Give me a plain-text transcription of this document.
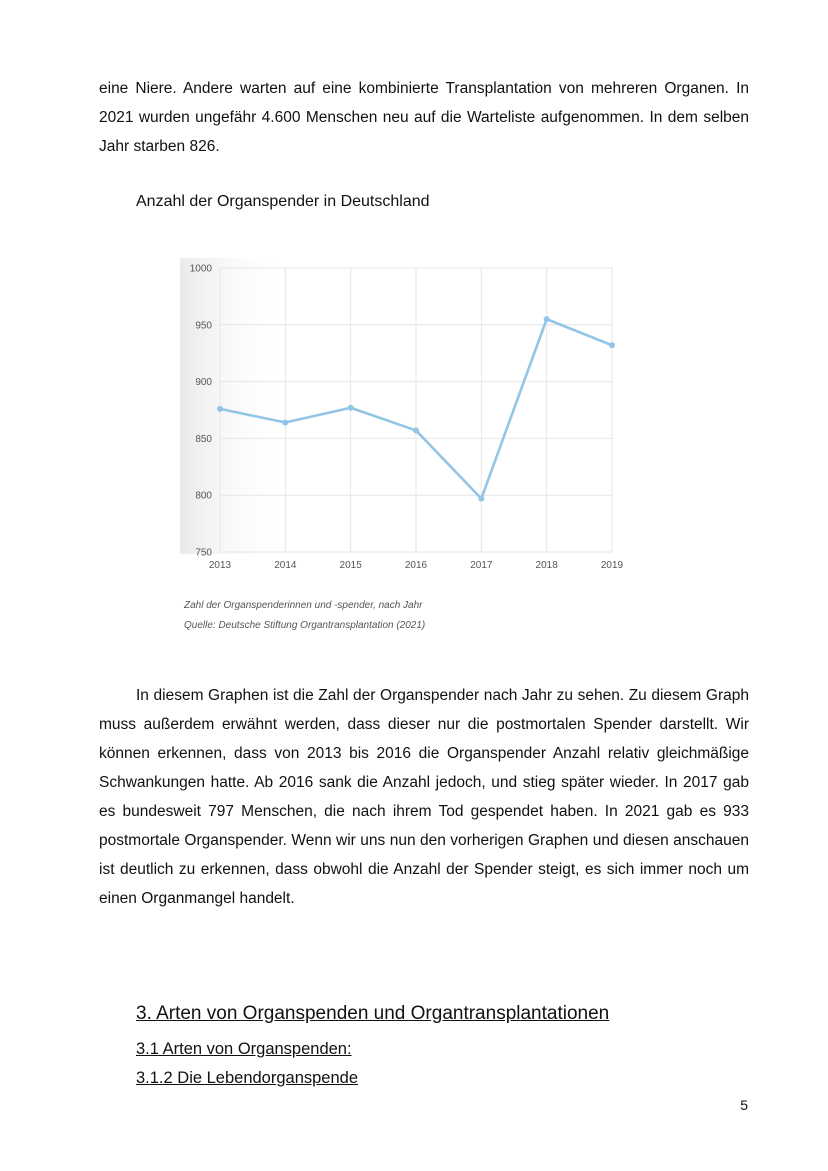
eine Niere. Andere warten auf eine kombinierte Transplantation von mehreren Organen. In 2021 wurden ungefähr 4.600 Menschen neu auf die Warteliste aufgenommen. In dem selben Jahr starben 826.

Anzahl der Organspender in Deutschland
750
800
850
900
950
1000
2013	2014	2015	2016	2017	2018	2019

Zahl der Organspenderinnen und -spender, nach Jahr

Quelle: Deutsche Stiftung Organtransplantation (2021)

In diesem Graphen ist die Zahl der Organspender nach Jahr zu sehen. Zu diesem Graph muss außerdem erwähnt werden, dass dieser nur die postmortalen Spender darstellt. Wir können erkennen, dass von 2013 bis 2016 die Organspender Anzahl relativ gleichmäßige Schwankungen hatte. Ab 2016 sank die Anzahl jedoch, und stieg später wieder. In 2017 gab es bundesweit 797 Menschen, die nach ihrem Tod gespendet haben. In 2021 gab es 933 postmortale Organspender. Wenn wir uns nun den vorherigen Graphen und diesen anschauen ist deutlich zu erkennen, dass obwohl die Anzahl der Spender steigt, es sich immer noch um einen Organmangel handelt.

3. Arten von Organspenden und Organtransplantationen
3.1 Arten von Organspenden:
3.1.2 Die Lebendorganspende
5
